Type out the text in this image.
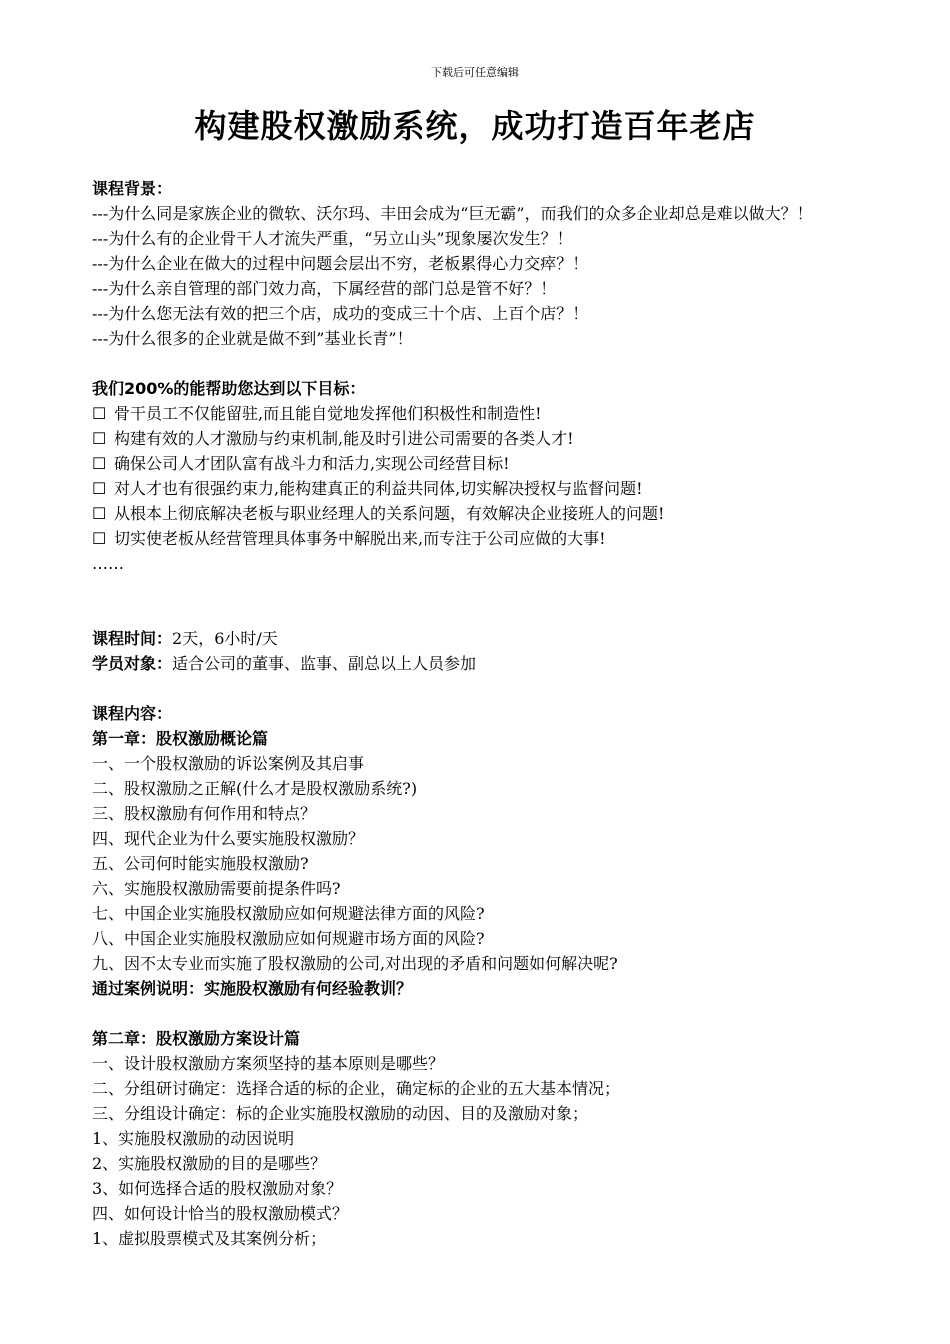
下载后可任意编辑
构建股权激励系统，成功打造百年老店

课程背景：

---为什么同是家族企业的微软、沃尔玛、丰田会成为“巨无霸”，而我们的众多企业却总是难以做大？！

---为什么有的企业骨干人才流失严重，“另立山头”现象屡次发生？！

---为什么企业在做大的过程中问题会层出不穷，老板累得心力交瘁？！

---为什么亲自管理的部门效力高，下属经营的部门总是管不好？！

---为什么您无法有效的把三个店，成功的变成三十个店、上百个店？！

---为什么很多的企业就是做不到”基业长青”！

我们200%的能帮助您达到以下目标：

☐ 骨干员工不仅能留驻,而且能自觉地发挥他们积极性和制造性!

☐ 构建有效的人才激励与约束机制,能及时引进公司需要的各类人才!

☐ 确保公司人才团队富有战斗力和活力,实现公司经营目标!

☐ 对人才也有很强约束力,能构建真正的利益共同体,切实解决授权与监督问题!

☐ 从根本上彻底解决老板与职业经理人的关系问题，有效解决企业接班人的问题!

☐ 切实使老板从经营管理具体事务中解脱出来,而专注于公司应做的大事!

……

课程时间：2天，6小时/天

学员对象：适合公司的董事、监事、副总以上人员参加

课程内容：

第一章：股权激励概论篇

一、一个股权激励的诉讼案例及其启事

二、股权激励之正解(什么才是股权激励系统?)

三、股权激励有何作用和特点？

四、现代企业为什么要实施股权激励？

五、公司何时能实施股权激励?

六、实施股权激励需要前提条件吗?

七、中国企业实施股权激励应如何规避法律方面的风险?

八、中国企业实施股权激励应如何规避市场方面的风险?

九、因不太专业而实施了股权激励的公司,对出现的矛盾和问题如何解决呢?

通过案例说明：实施股权激励有何经验教训？

第二章：股权激励方案设计篇

一、设计股权激励方案须坚持的基本原则是哪些？

二、分组研讨确定：选择合适的标的企业，确定标的企业的五大基本情况；

三、分组设计确定：标的企业实施股权激励的动因、目的及激励对象；

1、实施股权激励的动因说明

2、实施股权激励的目的是哪些？

3、如何选择合适的股权激励对象？

四、如何设计恰当的股权激励模式？

1、虚拟股票模式及其案例分析；
